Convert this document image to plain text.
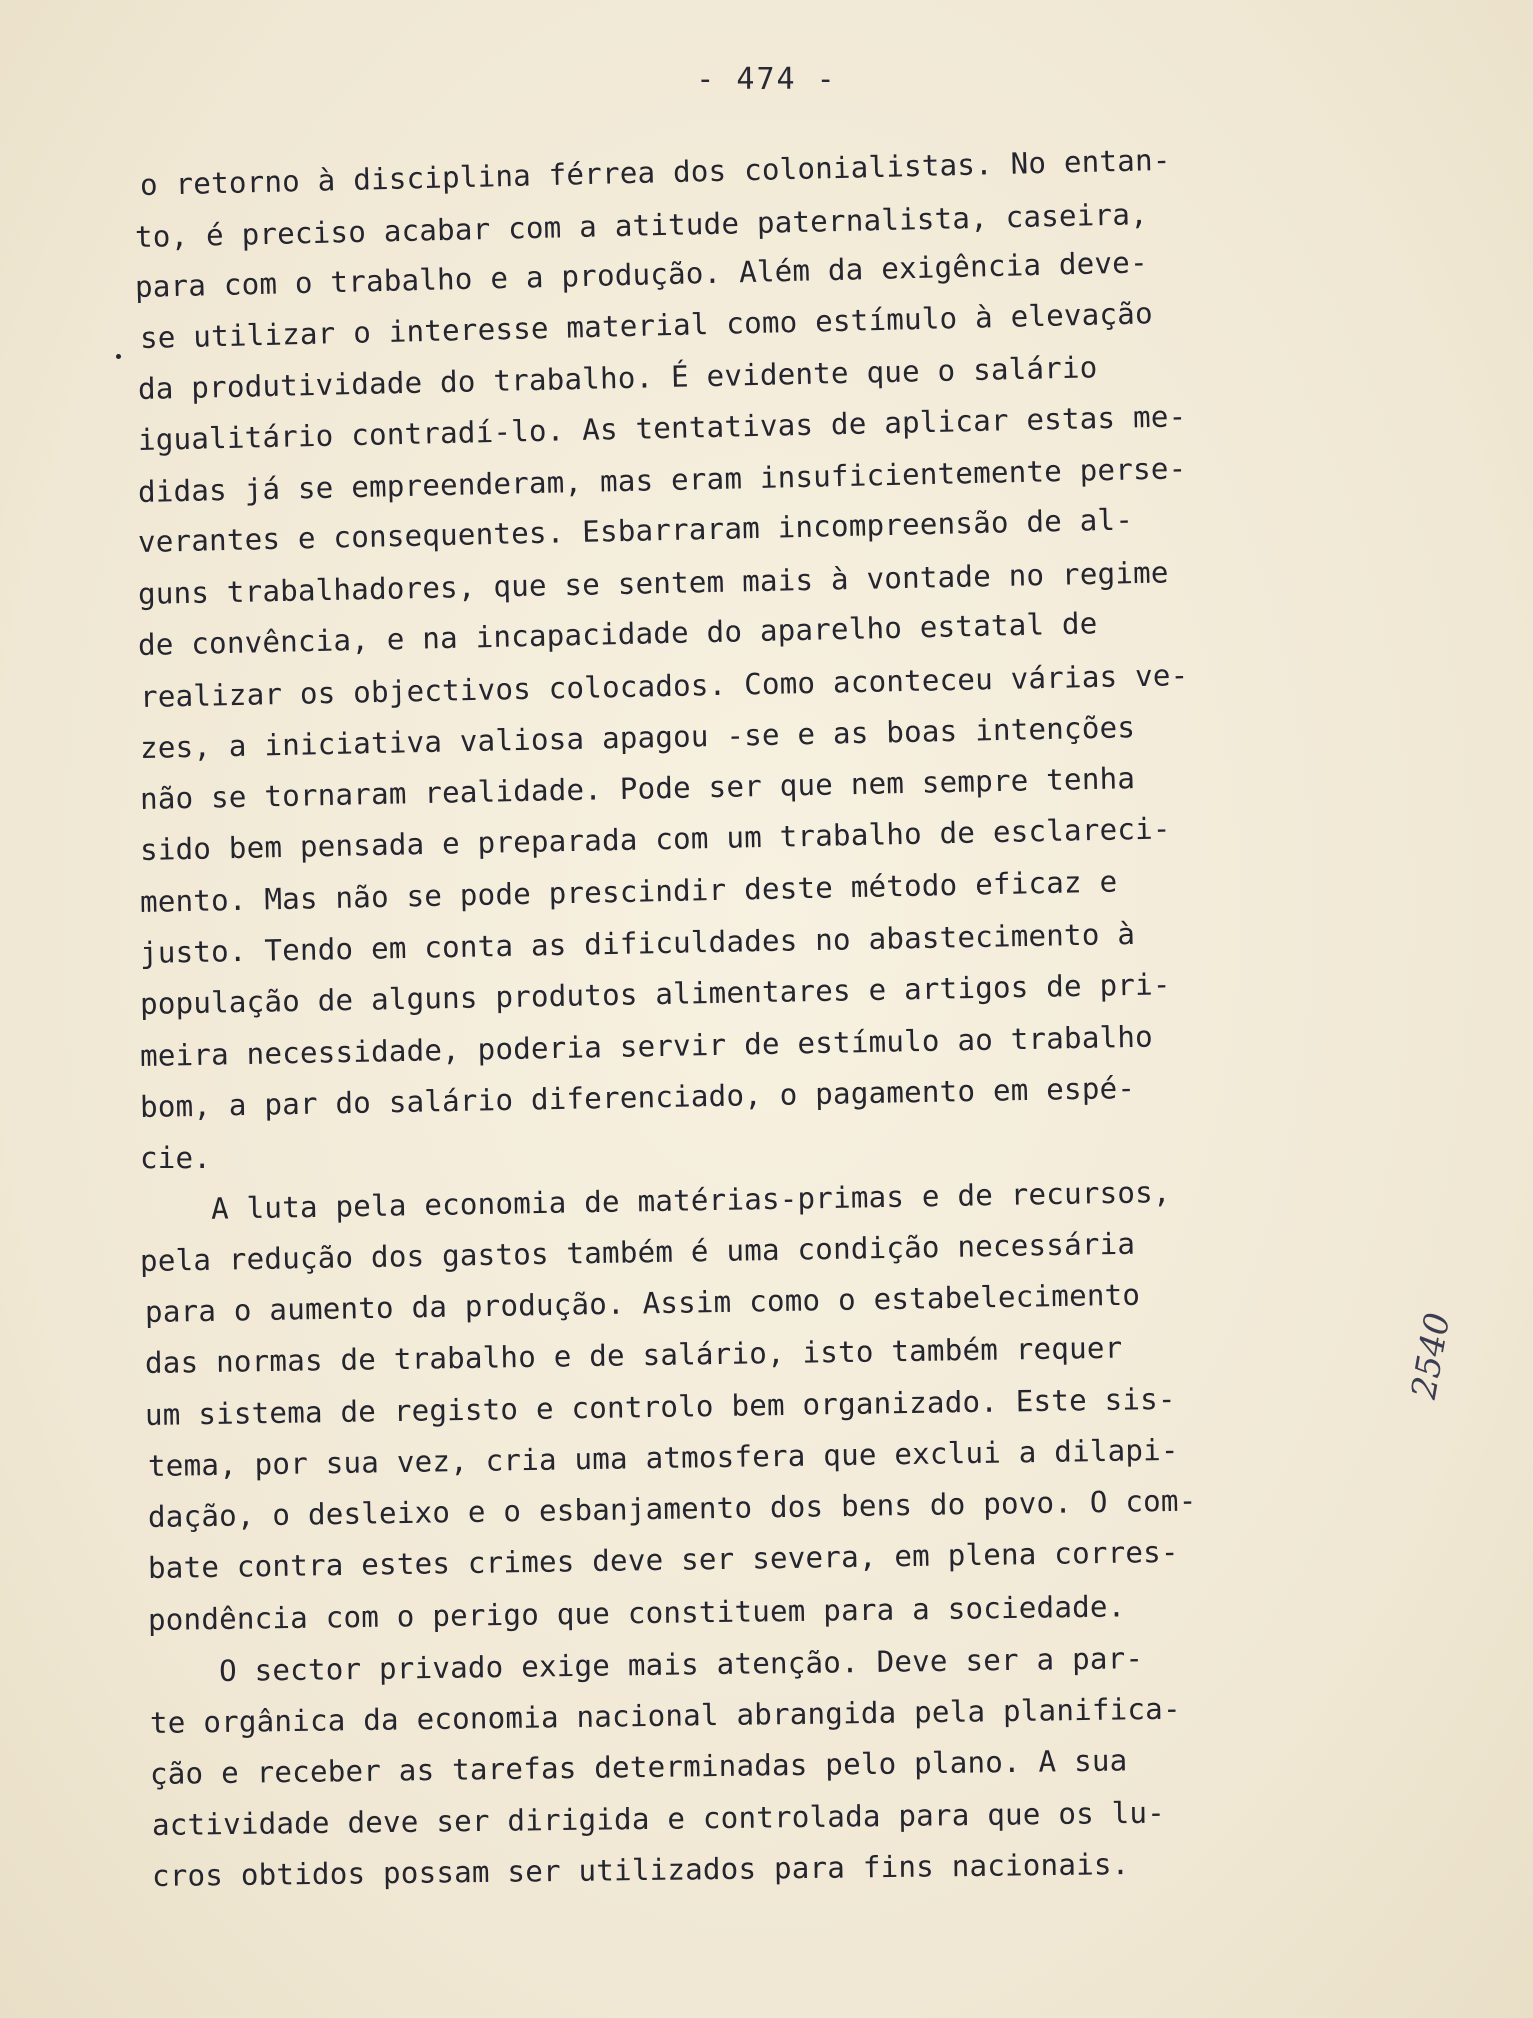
- 474 -
o retorno à disciplina férrea dos colonialistas. No entan-
to, é preciso acabar com a atitude paternalista, caseira,
para com o trabalho e a produção. Além da exigência deve-
se utilizar o interesse material como estímulo à elevação
da produtividade do trabalho. É evidente que o salário
igualitário contradí-lo. As tentativas de aplicar estas me-
didas já se empreenderam, mas eram insuficientemente perse-
verantes e consequentes. Esbarraram incompreensão de al-
guns trabalhadores, que se sentem mais à vontade no regime
de convência, e na incapacidade do aparelho estatal de
realizar os objectivos colocados. Como aconteceu várias ve-
zes, a iniciativa valiosa apagou -se e as boas intenções
não se tornaram realidade. Pode ser que nem sempre tenha
sido bem pensada e preparada com um trabalho de esclareci-
mento. Mas não se pode prescindir deste método eficaz e
justo. Tendo em conta as dificuldades no abastecimento à
população de alguns produtos alimentares e artigos de pri-
meira necessidade, poderia servir de estímulo ao trabalho
bom, a par do salário diferenciado, o pagamento em espé-
cie.
A luta pela economia de matérias-primas e de recursos,
pela redução dos gastos também é uma condição necessária
para o aumento da produção. Assim como o estabelecimento
das normas de trabalho e de salário, isto também requer
um sistema de registo e controlo bem organizado. Este sis-
tema, por sua vez, cria uma atmosfera que exclui a dilapi-
dação, o desleixo e o esbanjamento dos bens do povo. O com-
bate contra estes crimes deve ser severa, em plena corres-
pondência com o perigo que constituem para a sociedade.
O sector privado exige mais atenção. Deve ser a par-
te orgânica da economia nacional abrangida pela planifica-
ção e receber as tarefas determinadas pelo plano. A sua
actividade deve ser dirigida e controlada para que os lu-
cros obtidos possam ser utilizados para fins nacionais.
2540
